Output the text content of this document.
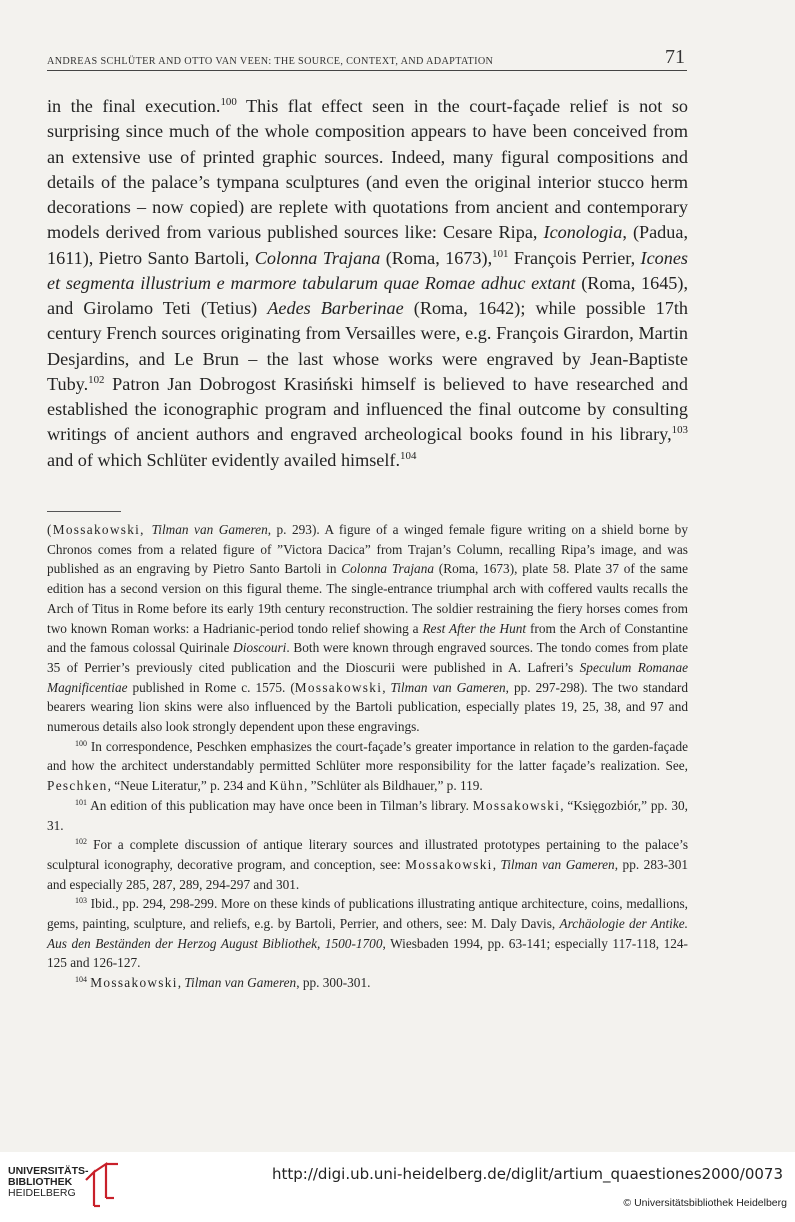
ANDREAS SCHLÜTER AND OTTO VAN VEEN: THE SOURCE, CONTEXT, AND ADAPTATION	71

in the final execution.$^{100}$ This flat effect seen in the court-façade relief is not so surprising since much of the whole composition appears to have been conceived from an extensive use of printed graphic sources. Indeed, many figural compositions and details of the palace’s tympana sculptures (and even the original interior stucco herm decorations – now copied) are replete with quotations from ancient and contemporary models derived from various published sources like: Cesare Ripa, Iconologia, (Padua, 1611), Pietro Santo Bartoli, Colonna Trajana (Roma, 1673),$^{101}$ François Perrier, Icones et segmenta illustrium e marmore tabularum quae Romae adhuc extant (Roma, 1645), and Girolamo Teti (Tetius) Aedes Barberinae (Roma, 1642); while possible 17th century French sources originating from Versailles were, e.g. François Girardon, Martin Desjardins, and Le Brun – the last whose works were engraved by Jean-Baptiste Tuby.$^{102}$ Patron Jan Dobrogost Krasiński himself is believed to have researched and established the iconographic program and influenced the final outcome by consulting writings of ancient authors and engraved archeological books found in his library,$^{103}$ and of which Schlüter evidently availed himself.$^{104}$

(Mossakowski, Tilman van Gameren, p. 293). A figure of a winged female figure writing on a shield borne by Chronos comes from a related figure of ”Victora Dacica” from Trajan’s Column, recalling Ripa’s image, and was published as an engraving by Pietro Santo Bartoli in Colonna Trajana (Roma, 1673), plate 58. Plate 37 of the same edition has a second version on this figural theme. The single-entrance triumphal arch with coffered vaults recalls the Arch of Titus in Rome before its early 19th century reconstruction. The soldier restraining the fiery horses comes from two known Roman works: a Hadrianic-period tondo relief showing a Rest After the Hunt from the Arch of Constantine and the famous colossal Quirinale Dioscouri. Both were known through engraved sources. The tondo comes from plate 35 of Perrier’s previously cited publication and the Dioscurii were published in A. Lafreri’s Speculum Romanae Magnificentiae published in Rome c. 1575. (Mossakowski, Tilman van Gameren, pp. 297-298). The two standard bearers wearing lion skins were also influenced by the Bartoli publication, especially plates 19, 25, 38, and 97 and numerous details also look strongly dependent upon these engravings.

$^{100}$ In correspondence, Peschken emphasizes the court-façade’s greater importance in relation to the garden-façade and how the architect understandably permitted Schlüter more responsibility for the latter façade’s realization. See, Peschken, “Neue Literatur,” p. 234 and Kühn, ”Schlüter als Bildhauer,” p. 119.

$^{101}$ An edition of this publication may have once been in Tilman’s library. Mossakowski, “Księgozbiór,” pp. 30, 31.

$^{102}$ For a complete discussion of antique literary sources and illustrated prototypes pertaining to the palace’s sculptural iconography, decorative program, and conception, see: Mossakowski, Tilman van Gameren, pp. 283-301 and especially 285, 287, 289, 294-297 and 301.

$^{103}$ Ibid., pp. 294, 298-299. More on these kinds of publications illustrating antique architecture, coins, medallions, gems, painting, sculpture, and reliefs, e.g. by Bartoli, Perrier, and others, see: M. Daly Davis, Archäologie der Antike. Aus den Beständen der Herzog August Bibliothek, 1500-1700, Wiesbaden 1994, pp. 63-141; especially 117-118, 124-125 and 126-127.

$^{104}$ Mossakowski, Tilman van Gameren, pp. 300-301.

UNIVERSITÄTS-
BIBLIOTHEK
HEIDELBERG
http://digi.ub.uni-heidelberg.de/diglit/artium_quaestiones2000/0073
© Universitätsbibliothek Heidelberg
